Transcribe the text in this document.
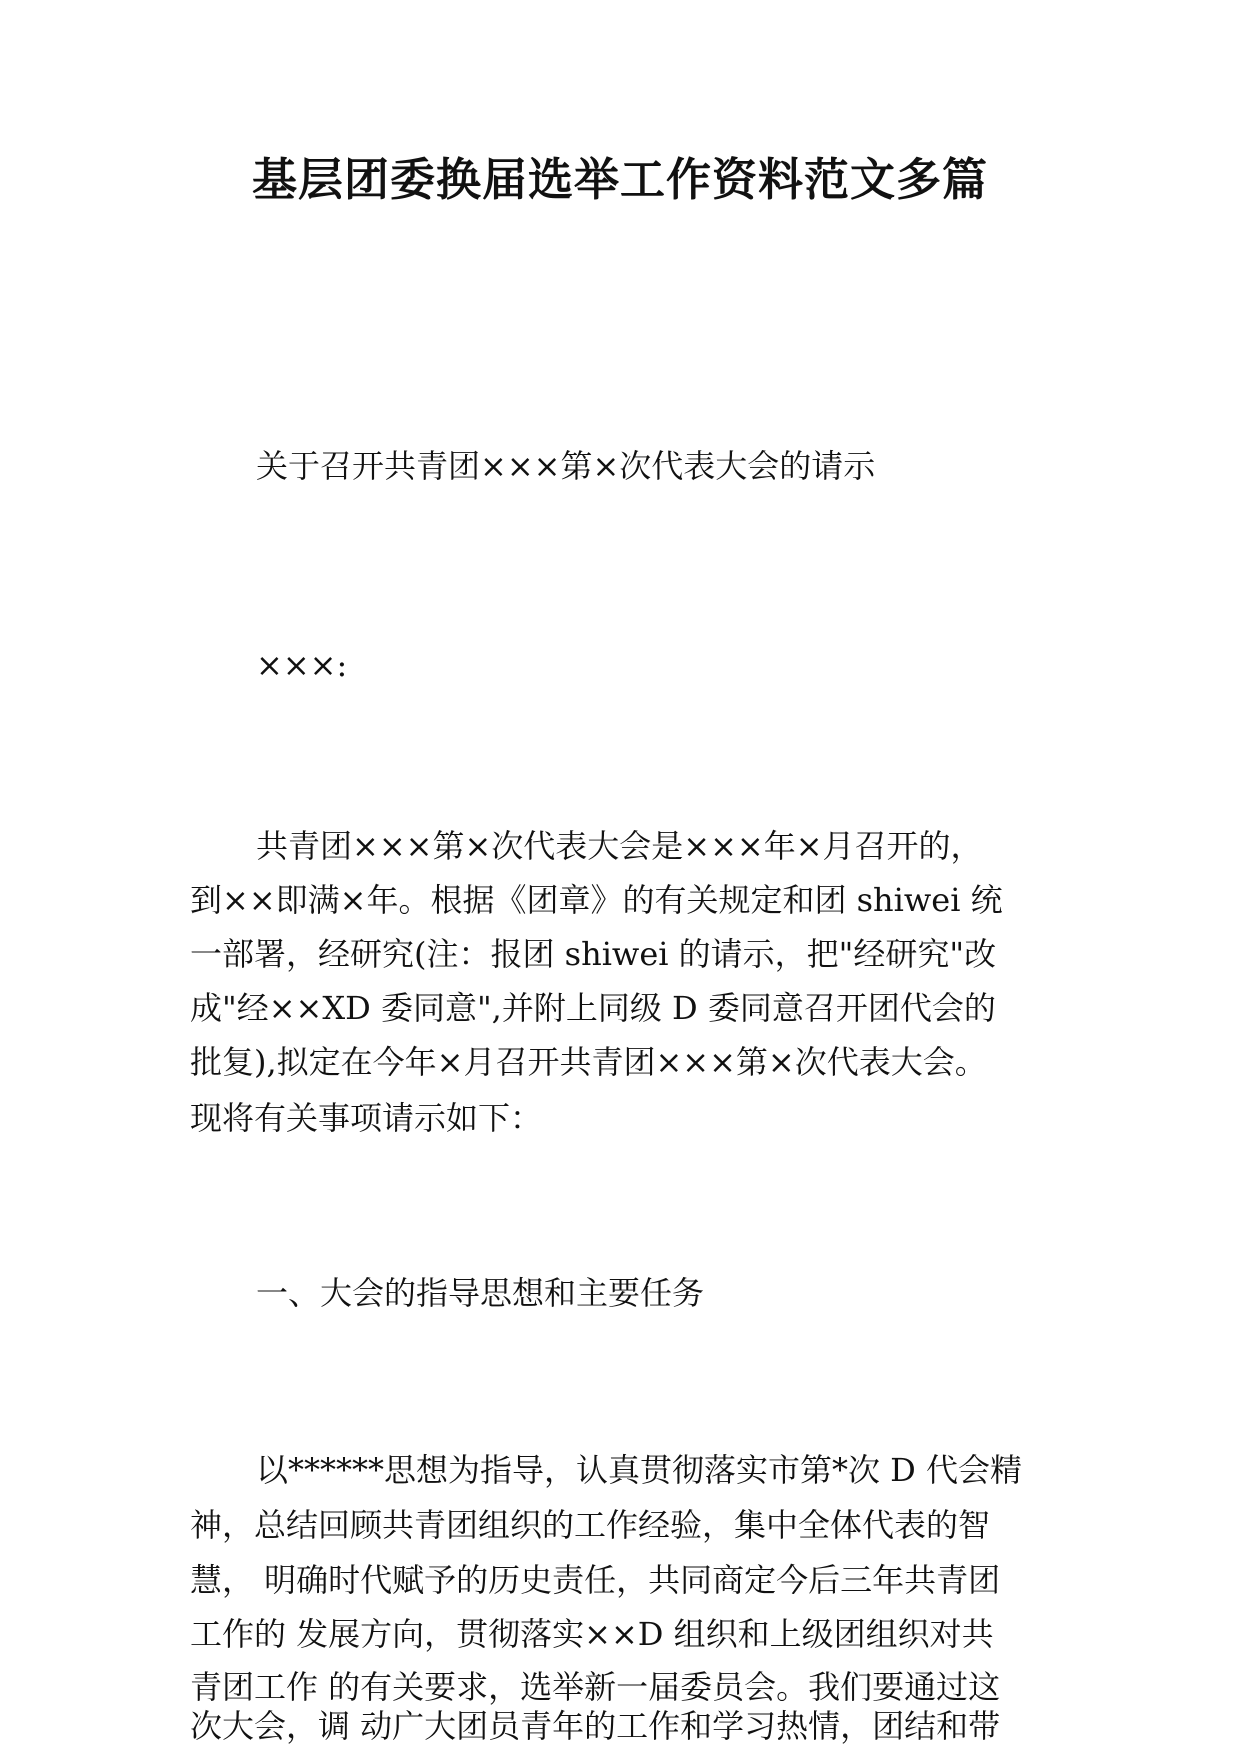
基层团委换届选举工作资料范文多篇

关于召开共青团×××第×次代表大会的请示

×××:

共青团×××第×次代表大会是×××年×月召开的，

到××即满×年。根据《团章》的有关规定和团 shiwei 统

一部署，经研究(注：报团 shiwei 的请示，把"经研究"改

成"经××XD 委同意",并附上同级 D 委同意召开团代会的

批复),拟定在今年×月召开共青团×××第×次代表大会。

现将有关事项请示如下：

一、大会的指导思想和主要任务

以******思想为指导，认真贯彻落实市第*次 D 代会精

神，总结回顾共青团组织的工作经验，集中全体代表的智

慧， 明确时代赋予的历史责任，共同商定今后三年共青团

工作的 发展方向，贯彻落实××D 组织和上级团组织对共

青团工作 的有关要求，选举新一届委员会。我们要通过这

次大会，调 动广大团员青年的工作和学习热情，团结和带
